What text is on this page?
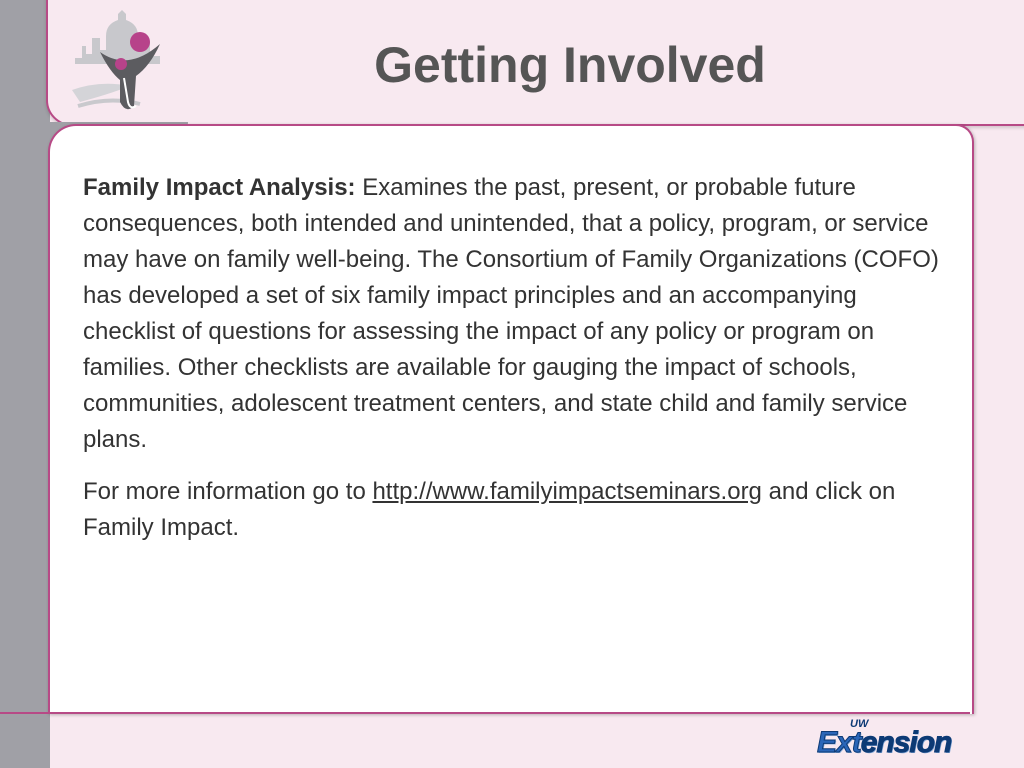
Getting Involved

Family Impact Analysis: Examines the past, present, or probable future consequences, both intended and unintended, that a policy, program, or service may have on family well-being. The Consortium of Family Organizations (COFO) has developed a set of six family impact principles and an accompanying checklist of questions for assessing the impact of any policy or program on families. Other checklists are available for gauging the impact of schools, communities, adolescent treatment centers, and state child and family service plans.

For more information go to http://www.familyimpactseminars.org and click on Family Impact.

UW
Extension
